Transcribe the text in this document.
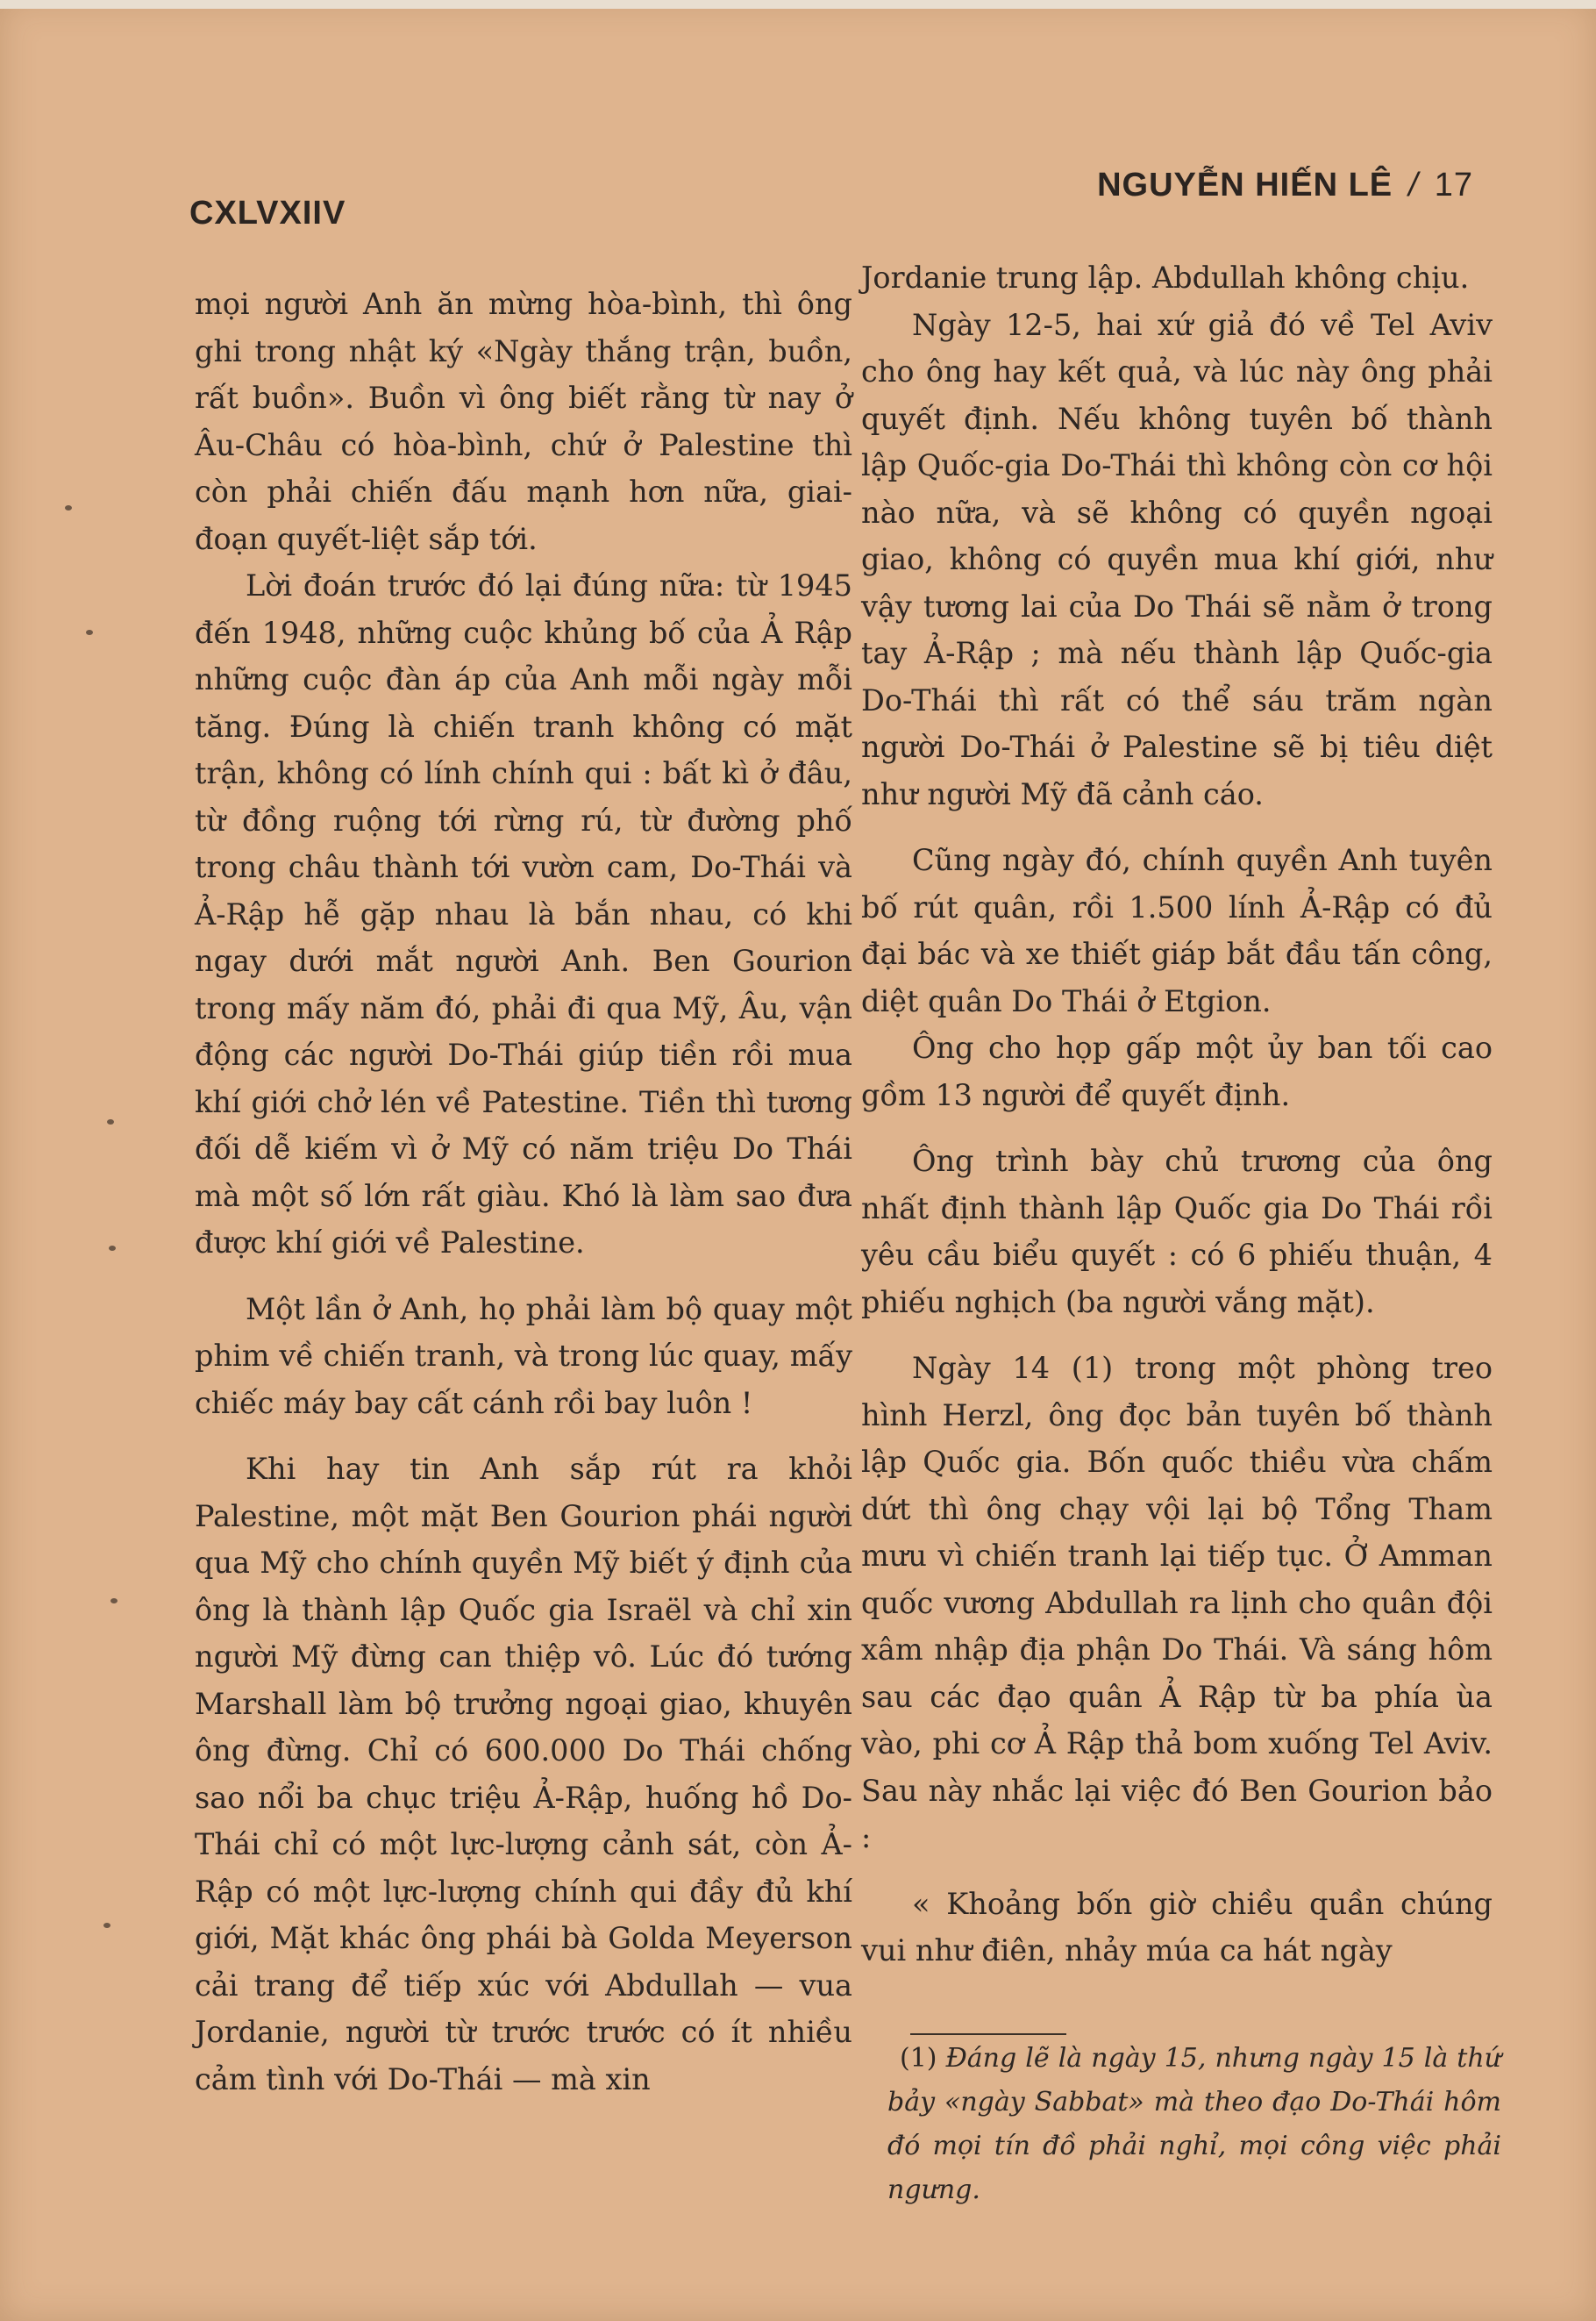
CXLVXIIV
NGUYỄN HIẾN LÊ / 17

mọi người Anh ăn mừng hòa-bình, thì ông ghi trong nhật ký «Ngày thắng trận, buồn, rất buồn». Buồn vì ông biết rằng từ nay ở Âu-Châu có hòa-bình, chứ ở Palestine thì còn phải chiến đấu mạnh hơn nữa, giai-đoạn quyết-liệt sắp tới.

Lời đoán trước đó lại đúng nữa: từ 1945 đến 1948, những cuộc khủng bố của Ả Rập những cuộc đàn áp của Anh mỗi ngày mỗi tăng. Đúng là chiến tranh không có mặt trận, không có lính chính qui : bất kì ở đâu, từ đồng ruộng tới rừng rú, từ đường phố trong châu thành tới vườn cam, Do-Thái và Ả-Rập hễ gặp nhau là bắn nhau, có khi ngay dưới mắt người Anh. Ben Gourion trong mấy năm đó, phải đi qua Mỹ, Âu, vận động các người Do-Thái giúp tiền rồi mua khí giới chở lén về Patestine. Tiền thì tương đối dễ kiếm vì ở Mỹ có năm triệu Do Thái mà một số lớn rất giàu. Khó là làm sao đưa được khí giới về Palestine.

Một lần ở Anh, họ phải làm bộ quay một phim về chiến tranh, và trong lúc quay, mấy chiếc máy bay cất cánh rồi bay luôn !

Khi hay tin Anh sắp rút ra khỏi Palestine, một mặt Ben Gourion phái người qua Mỹ cho chính quyền Mỹ biết ý định của ông là thành lập Quốc gia Israël và chỉ xin người Mỹ đừng can thiệp vô. Lúc đó tướng Marshall làm bộ trưởng ngoại giao, khuyên ông đừng. Chỉ có 600.000 Do Thái chống sao nổi ba chục triệu Ả-Rập, huống hồ Do-Thái chỉ có một lực-lượng cảnh sát, còn Ả-Rập có một lực-lượng chính qui đầy đủ khí giới, Mặt khác ông phái bà Golda Meyerson cải trang để tiếp xúc với Abdullah — vua Jordanie, người từ trước trước có ít nhiều cảm tình với Do-Thái — mà xin

Jordanie trung lập. Abdullah không chịu.

Ngày 12-5, hai xứ giả đó về Tel Aviv cho ông hay kết quả, và lúc này ông phải quyết định. Nếu không tuyên bố thành lập Quốc-gia Do-Thái thì không còn cơ hội nào nữa, và sẽ không có quyền ngoại giao, không có quyền mua khí giới, như vậy tương lai của Do Thái sẽ nằm ở trong tay Ả-Rập ; mà nếu thành lập Quốc-gia Do-Thái thì rất có thể sáu trăm ngàn người Do-Thái ở Palestine sẽ bị tiêu diệt như người Mỹ đã cảnh cáo.

Cũng ngày đó, chính quyền Anh tuyên bố rút quân, rồi 1.500 lính Ả-Rập có đủ đại bác và xe thiết giáp bắt đầu tấn công, diệt quân Do Thái ở Etgion.

Ông cho họp gấp một ủy ban tối cao gồm 13 người để quyết định.

Ông trình bày chủ trương của ông nhất định thành lập Quốc gia Do Thái rồi yêu cầu biểu quyết : có 6 phiếu thuận, 4 phiếu nghịch (ba người vắng mặt).

Ngày 14 (1) trong một phòng treo hình Herzl, ông đọc bản tuyên bố thành lập Quốc gia. Bốn quốc thiều vừa chấm dứt thì ông chạy vội lại bộ Tổng Tham mưu vì chiến tranh lại tiếp tục. Ở Amman quốc vương Abdullah ra lịnh cho quân đội xâm nhập địa phận Do Thái. Và sáng hôm sau các đạo quân Ả Rập từ ba phía ùa vào, phi cơ Ả Rập thả bom xuống Tel Aviv. Sau này nhắc lại việc đó Ben Gourion bảo :

« Khoảng bốn giờ chiều quần chúng vui như điên, nhảy múa ca hát ngày

(1) Đáng lẽ là ngày 15, nhưng ngày 15 là thứ bảy «ngày Sabbat» mà theo đạo Do-Thái hôm đó mọi tín đồ phải nghỉ, mọi công việc phải ngưng.
